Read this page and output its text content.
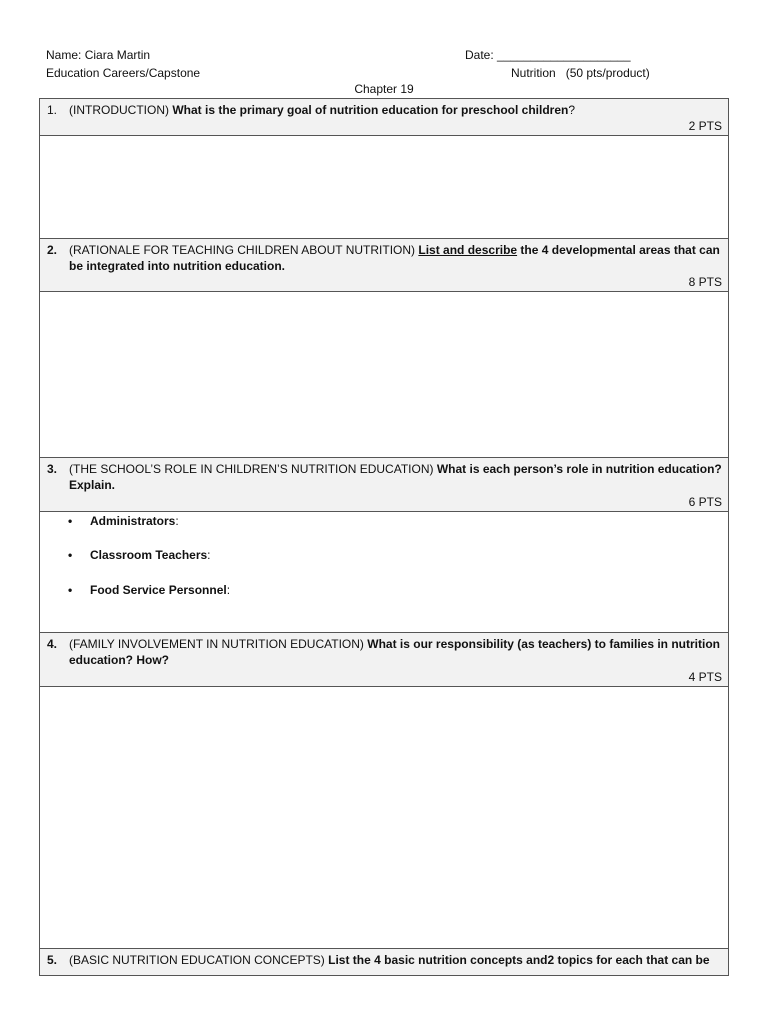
Name: Ciara Martin
Education Careers/Capstone
Date: ____________________
Nutrition (50 pts/product)
Chapter 19
1. (INTRODUCTION) What is the primary goal of nutrition education for preschool children?
2 PTS
2. (RATIONALE FOR TEACHING CHILDREN ABOUT NUTRITION) List and describe the 4 developmental areas that can be integrated into nutrition education.
8 PTS
3. (THE SCHOOL’S ROLE IN CHILDREN’S NUTRITION EDUCATION) What is each person’s role in nutrition education? Explain.
6 PTS
• Administrators:
• Classroom Teachers:
• Food Service Personnel:
4. (FAMILY INVOLVEMENT IN NUTRITION EDUCATION) What is our responsibility (as teachers) to families in nutrition education? How?
4 PTS
5. (BASIC NUTRITION EDUCATION CONCEPTS) List the 4 basic nutrition concepts and2 topics for each that can be
